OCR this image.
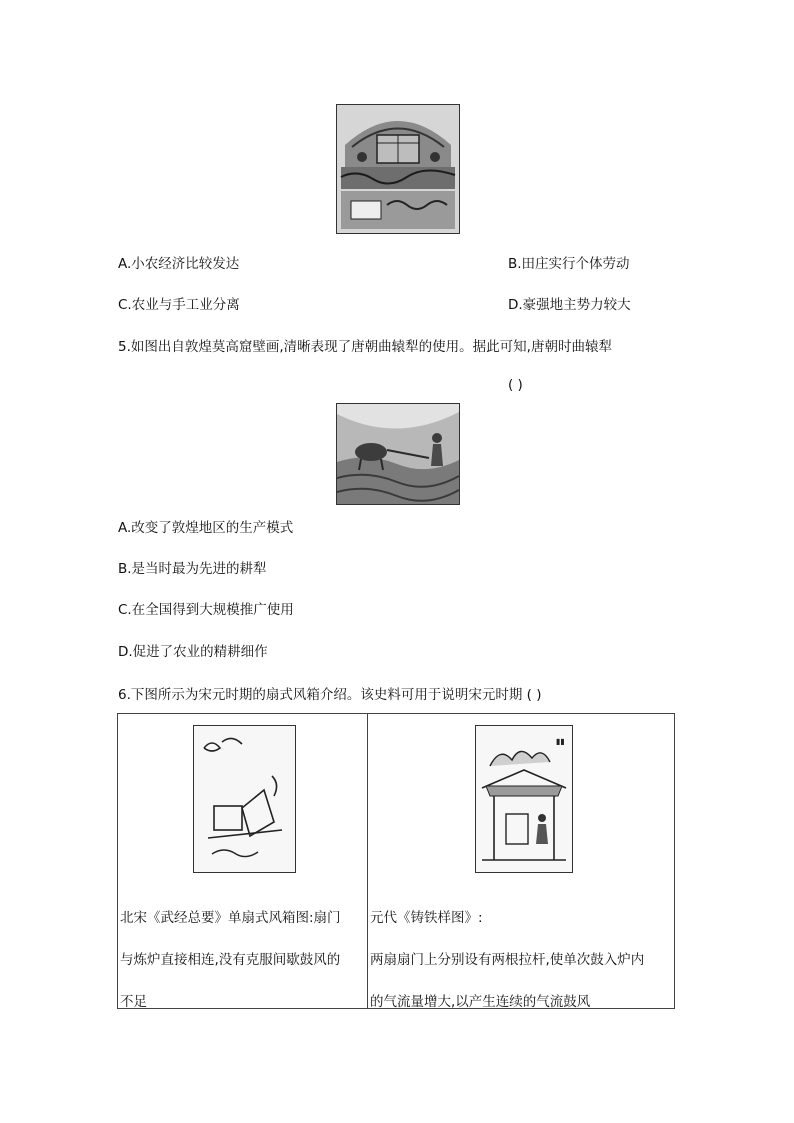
A.小农经济比较发达	B.田庄实行个体劳动
C.农业与手工业分离	D.豪强地主势力较大
5.如图出自敦煌莫高窟壁画,清晰表现了唐朝曲辕犁的使用。据此可知,唐朝时曲辕犁
( )
A.改变了敦煌地区的生产模式
B.是当时最为先进的耕犁
C.在全国得到大规模推广使用
D.促进了农业的精耕细作
6.下图所示为宋元时期的扇式风箱介绍。该史料可用于说明宋元时期 ( )
北宋《武经总要》单扇式风箱图:扇门
与炼炉直接相连,没有克服间歇鼓风的
不足

▮▮
元代《铸铁样图》:
两扇扇门上分别设有两根拉杆,使单次鼓入炉内
的气流量增大,以产生连续的气流鼓风
